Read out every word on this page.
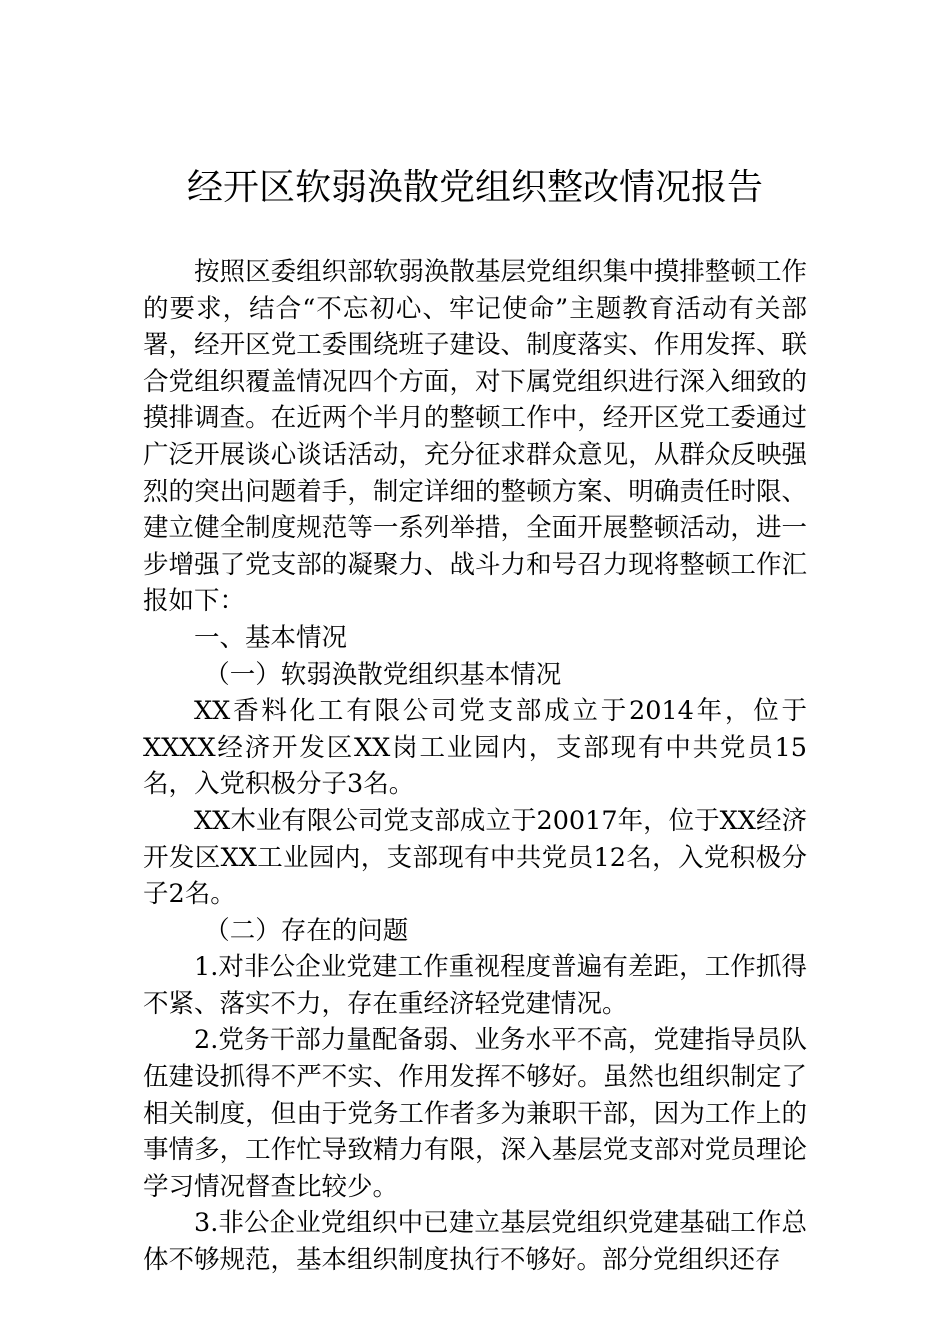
经开区软弱涣散党组织整改情况报告

按照区委组织部软弱涣散基层党组织集中摸排整顿工作的要求，结合“不忘初心、牢记使命”主题教育活动有关部署，经开区党工委围绕班子建设、制度落实、作用发挥、联合党组织覆盖情况四个方面，对下属党组织进行深入细致的摸排调查。在近两个半月的整顿工作中，经开区党工委通过广泛开展谈心谈话活动，充分征求群众意见，从群众反映强烈的突出问题着手，制定详细的整顿方案、明确责任时限、建立健全制度规范等一系列举措，全面开展整顿活动，进一步增强了党支部的凝聚力、战斗力和号召力现将整顿工作汇报如下：

一、基本情况

（一）软弱涣散党组织基本情况

XX香料化工有限公司党支部成立于2014年，位于XXXX经济开发区XX岗工业园内，支部现有中共党员15名，入党积极分子3名。

XX木业有限公司党支部成立于20017年，位于XX经济开发区XX工业园内，支部现有中共党员12名，入党积极分子2名。

（二）存在的问题

1.对非公企业党建工作重视程度普遍有差距，工作抓得不紧、落实不力，存在重经济轻党建情况。

2.党务干部力量配备弱、业务水平不高，党建指导员队伍建设抓得不严不实、作用发挥不够好。虽然也组织制定了相关制度，但由于党务工作者多为兼职干部，因为工作上的事情多，工作忙导致精力有限，深入基层党支部对党员理论学习情况督查比较少。

3.非公企业党组织中已建立基层党组织党建基础工作总体不够规范，基本组织制度执行不够好。部分党组织还存
